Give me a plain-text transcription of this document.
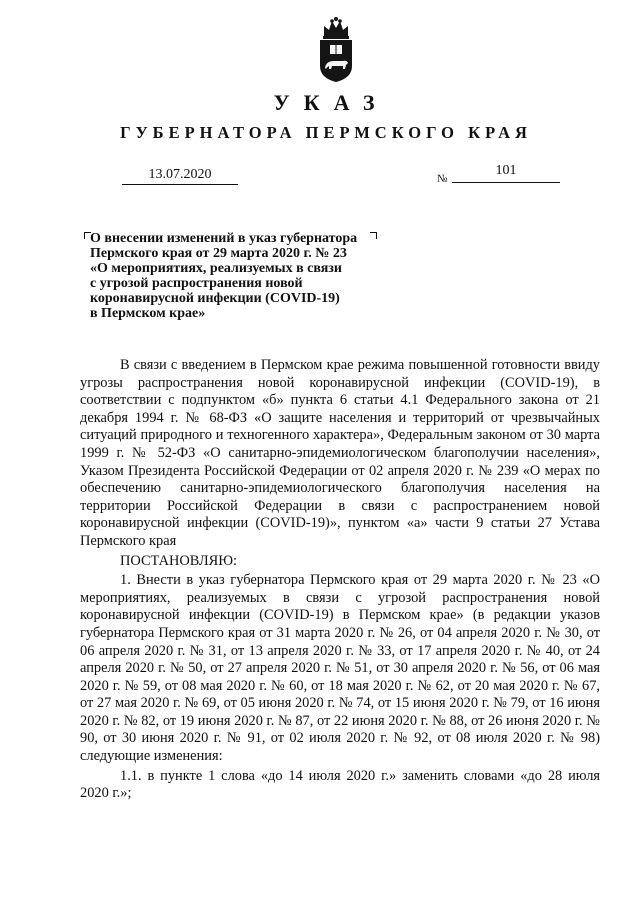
УКАЗ
ГУБЕРНАТОРА ПЕРМСКОГО КРАЯ
13.07.2020	№
101
О внесении изменений в указ губернатора
Пермского края от 29 марта 2020 г. № 23
«О мероприятиях, реализуемых в связи
с угрозой распространения новой
коронавирусной инфекции (COVID-19)
в Пермском крае»

В связи с введением в Пермском крае режима повышенной готовности ввиду угрозы распространения новой коронавирусной инфекции (COVID-19), в соответствии с подпунктом «б» пункта 6 статьи 4.1 Федерального закона от 21 декабря 1994 г. № 68-ФЗ «О защите населения и территорий от чрезвычайных ситуаций природного и техногенного характера», Федеральным законом от 30 марта 1999 г. № 52-ФЗ «О санитарно-эпидемиологическом благополучии населения», Указом Президента Российской Федерации от 02 апреля 2020 г. № 239 «О мерах по обеспечению санитарно-эпидемиологического благополучия населения на территории Российской Федерации в связи с распространением новой коронавирусной инфекции (COVID-19)», пунктом «а» части 9 статьи 27 Устава Пермского края

ПОСТАНОВЛЯЮ:

1. Внести в указ губернатора Пермского края от 29 марта 2020 г. № 23 «О мероприятиях, реализуемых в связи с угрозой распространения новой коронавирусной инфекции (COVID-19) в Пермском крае» (в редакции указов губернатора Пермского края от 31 марта 2020 г. № 26, от 04 апреля 2020 г. № 30, от 06 апреля 2020 г. № 31, от 13 апреля 2020 г. № 33, от 17 апреля 2020 г. № 40, от 24 апреля 2020 г. № 50, от 27 апреля 2020 г. № 51, от 30 апреля 2020 г. № 56, от 06 мая 2020 г. № 59, от 08 мая 2020 г. № 60, от 18 мая 2020 г. № 62, от 20 мая 2020 г. № 67, от 27 мая 2020 г. № 69, от 05 июня 2020 г. № 74, от 15 июня 2020 г. № 79, от 16 июня 2020 г. № 82, от 19 июня 2020 г. № 87, от 22 июня 2020 г. № 88, от 26 июня 2020 г. № 90, от 30 июня 2020 г. № 91, от 02 июля 2020 г. № 92, от 08 июля 2020 г. № 98) следующие изменения:

1.1. в пункте 1 слова «до 14 июля 2020 г.» заменить словами «до 28 июля 2020 г.»;
